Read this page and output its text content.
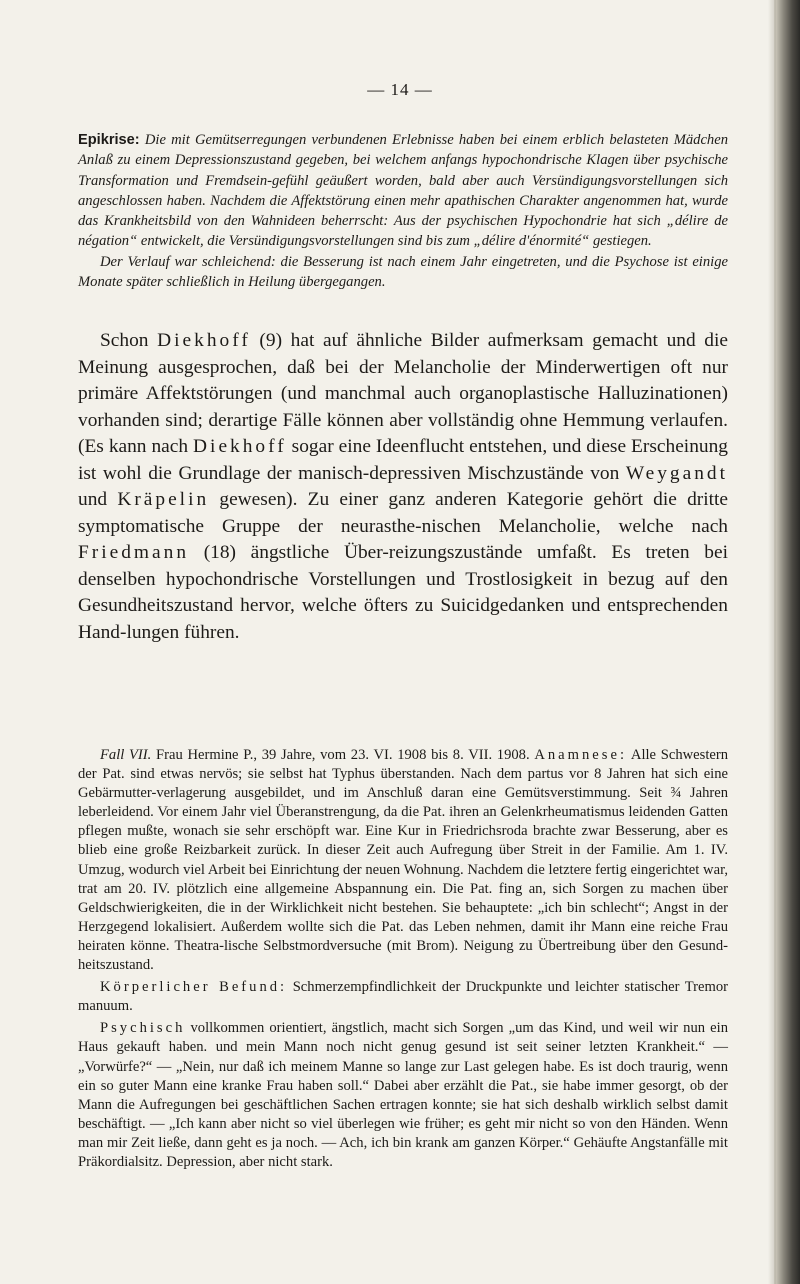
— 14 —

Epikrise: Die mit Gemütserregungen verbundenen Erlebnisse haben bei einem erblich belasteten Mädchen Anlaß zu einem Depressionszustand gegeben, bei welchem anfangs hypochondrische Klagen über psychische Transformation und Fremdsein-gefühl geäußert worden, bald aber auch Versündigungsvorstellungen sich angeschlossen haben. Nachdem die Affektstörung einen mehr apathischen Charakter angenommen hat, wurde das Krankheitsbild von den Wahnideen beherrscht: Aus der psychischen Hypochondrie hat sich „délire de négation“ entwickelt, die Versündigungsvorstellungen sind bis zum „délire d'énormité“ gestiegen.

Der Verlauf war schleichend: die Besserung ist nach einem Jahr eingetreten, und die Psychose ist einige Monate später schließlich in Heilung übergegangen.

Schon Diekhoff (9) hat auf ähnliche Bilder aufmerksam gemacht und die Meinung ausgesprochen, daß bei der Melancholie der Minderwertigen oft nur primäre Affektstörungen (und manchmal auch organoplastische Halluzinationen) vorhanden sind; derartige Fälle können aber vollständig ohne Hemmung verlaufen. (Es kann nach Diekhoff sogar eine Ideenflucht entstehen, und diese Erscheinung ist wohl die Grundlage der manisch-depressiven Mischzustände von Weygandt und Kräpelin gewesen). Zu einer ganz anderen Kategorie gehört die dritte symptomatische Gruppe der neurasthe-nischen Melancholie, welche nach Friedmann (18) ängstliche Über-reizungszustände umfaßt. Es treten bei denselben hypochondrische Vorstellungen und Trostlosigkeit in bezug auf den Gesundheitszustand hervor, welche öfters zu Suicidgedanken und entsprechenden Hand-lungen führen.

Fall VII. Frau Hermine P., 39 Jahre, vom 23. VI. 1908 bis 8. VII. 1908. Anamnese: Alle Schwestern der Pat. sind etwas nervös; sie selbst hat Typhus überstanden. Nach dem partus vor 8 Jahren hat sich eine Gebärmutter-verlagerung ausgebildet, und im Anschluß daran eine Gemütsverstimmung. Seit ¾ Jahren leberleidend. Vor einem Jahr viel Überanstrengung, da die Pat. ihren an Gelenkrheumatismus leidenden Gatten pflegen mußte, wonach sie sehr erschöpft war. Eine Kur in Friedrichsroda brachte zwar Besserung, aber es blieb eine große Reizbarkeit zurück. In dieser Zeit auch Aufregung über Streit in der Familie. Am 1. IV. Umzug, wodurch viel Arbeit bei Einrichtung der neuen Wohnung. Nachdem die letztere fertig eingerichtet war, trat am 20. IV. plötzlich eine allgemeine Abspannung ein. Die Pat. fing an, sich Sorgen zu machen über Geldschwierigkeiten, die in der Wirklichkeit nicht bestehen. Sie behauptete: „ich bin schlecht“; Angst in der Herzgegend lokalisiert. Außerdem wollte sich die Pat. das Leben nehmen, damit ihr Mann eine reiche Frau heiraten könne. Theatra-lische Selbstmordversuche (mit Brom). Neigung zu Übertreibung über den Gesund-heitszustand.

Körperlicher Befund: Schmerzempfindlichkeit der Druckpunkte und leichter statischer Tremor manuum.

Psychisch vollkommen orientiert, ängstlich, macht sich Sorgen „um das Kind, und weil wir nun ein Haus gekauft haben. und mein Mann noch nicht genug gesund ist seit seiner letzten Krankheit.“ — „Vorwürfe?“ — „Nein, nur daß ich meinem Manne so lange zur Last gelegen habe. Es ist doch traurig, wenn ein so guter Mann eine kranke Frau haben soll.“ Dabei aber erzählt die Pat., sie habe immer gesorgt, ob der Mann die Aufregungen bei geschäftlichen Sachen ertragen konnte; sie hat sich deshalb wirklich selbst damit beschäftigt. — „Ich kann aber nicht so viel überlegen wie früher; es geht mir nicht so von den Händen. Wenn man mir Zeit ließe, dann geht es ja noch. — Ach, ich bin krank am ganzen Körper.“ Gehäufte Angstanfälle mit Präkordialsitz. Depression, aber nicht stark.
